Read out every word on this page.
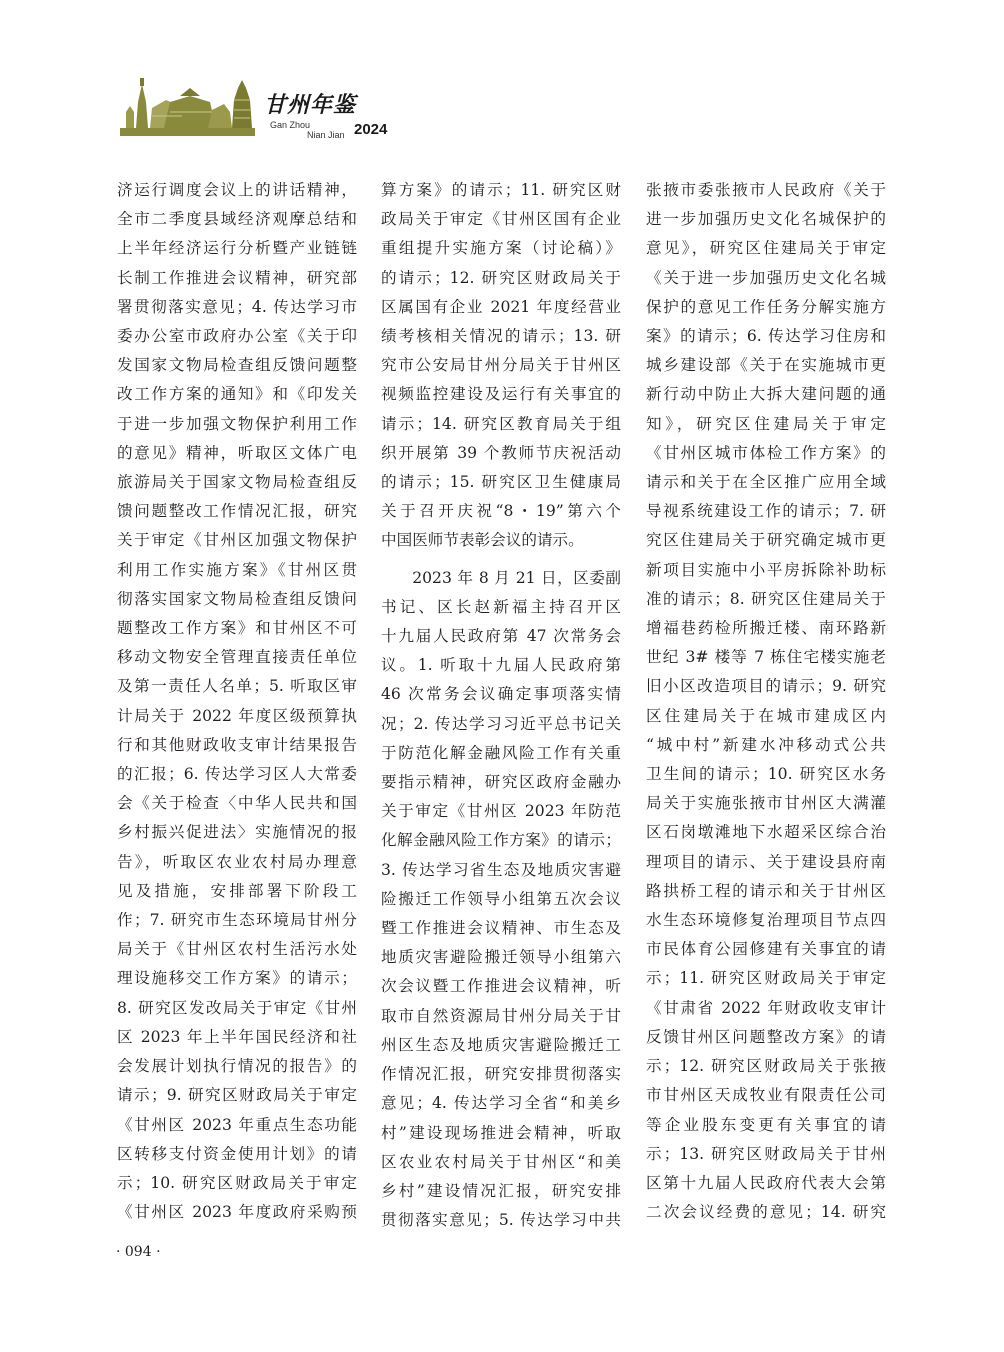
甘州年鉴
Gan Zhou
Nian Jian 2024
济运行调度会议上的讲话精神，
全市二季度县域经济观摩总结和
上半年经济运行分析暨产业链链
长制工作推进会议精神，研究部
署贯彻落实意见；4. 传达学习市
委办公室市政府办公室《关于印
发国家文物局检查组反馈问题整
改工作方案的通知》和《印发关
于进一步加强文物保护利用工作
的意见》精神，听取区文体广电
旅游局关于国家文物局检查组反
馈问题整改工作情况汇报，研究
关于审定《甘州区加强文物保护
利用工作实施方案》《甘州区贯
彻落实国家文物局检查组反馈问
题整改工作方案》和甘州区不可
移动文物安全管理直接责任单位
及第一责任人名单；5. 听取区审
计局关于 2022 年度区级预算执
行和其他财政收支审计结果报告
的汇报；6. 传达学习区人大常委
会《关于检查〈中华人民共和国
乡村振兴促进法〉实施情况的报
告》，听取区农业农村局办理意
见及措施，安排部署下阶段工
作；7. 研究市生态环境局甘州分
局关于《甘州区农村生活污水处
理设施移交工作方案》的请示；
8. 研究区发改局关于审定《甘州
区 2023 年上半年国民经济和社
会发展计划执行情况的报告》的
请示；9. 研究区财政局关于审定
《甘州区 2023 年重点生态功能
区转移支付资金使用计划》的请
示；10. 研究区财政局关于审定
《甘州区 2023 年度政府采购预
算方案》的请示；11. 研究区财
政局关于审定《甘州区国有企业
重组提升实施方案（讨论稿）》
的请示；12. 研究区财政局关于
区属国有企业 2021 年度经营业
绩考核相关情况的请示；13. 研
究市公安局甘州分局关于甘州区
视频监控建设及运行有关事宜的
请示；14. 研究区教育局关于组
织开展第 39 个教师节庆祝活动
的请示；15. 研究区卫生健康局
关于召开庆祝“8・19”第六个
中国医师节表彰会议的请示。
2023 年 8 月 21 日，区委副
书记、区长赵新福主持召开区
十九届人民政府第 47 次常务会
议。1. 听取十九届人民政府第
46 次常务会议确定事项落实情
况；2. 传达学习习近平总书记关
于防范化解金融风险工作有关重
要指示精神，研究区政府金融办
关于审定《甘州区 2023 年防范
化解金融风险工作方案》的请示；
3. 传达学习省生态及地质灾害避
险搬迁工作领导小组第五次会议
暨工作推进会议精神、市生态及
地质灾害避险搬迁领导小组第六
次会议暨工作推进会议精神，听
取市自然资源局甘州分局关于甘
州区生态及地质灾害避险搬迁工
作情况汇报，研究安排贯彻落实
意见；4. 传达学习全省“和美乡
村”建设现场推进会精神，听取
区农业农村局关于甘州区“和美
乡村”建设情况汇报，研究安排
贯彻落实意见；5. 传达学习中共
张掖市委张掖市人民政府《关于
进一步加强历史文化名城保护的
意见》，研究区住建局关于审定
《关于进一步加强历史文化名城
保护的意见工作任务分解实施方
案》的请示；6. 传达学习住房和
城乡建设部《关于在实施城市更
新行动中防止大拆大建问题的通
知》，研究区住建局关于审定
《甘州区城市体检工作方案》的
请示和关于在全区推广应用全域
导视系统建设工作的请示；7. 研
究区住建局关于研究确定城市更
新项目实施中小平房拆除补助标
准的请示；8. 研究区住建局关于
增福巷药检所搬迁楼、南环路新
世纪 3# 楼等 7 栋住宅楼实施老
旧小区改造项目的请示；9. 研究
区住建局关于在城市建成区内
“城中村”新建水冲移动式公共
卫生间的请示；10. 研究区水务
局关于实施张掖市甘州区大满灌
区石岗墩滩地下水超采区综合治
理项目的请示、关于建设县府南
路拱桥工程的请示和关于甘州区
水生态环境修复治理项目节点四
市民体育公园修建有关事宜的请
示；11. 研究区财政局关于审定
《甘肃省 2022 年财政收支审计
反馈甘州区问题整改方案》的请
示；12. 研究区财政局关于张掖
市甘州区天成牧业有限责任公司
等企业股东变更有关事宜的请
示；13. 研究区财政局关于甘州
区第十九届人民政府代表大会第
二次会议经费的意见；14. 研究
· 094 ·
